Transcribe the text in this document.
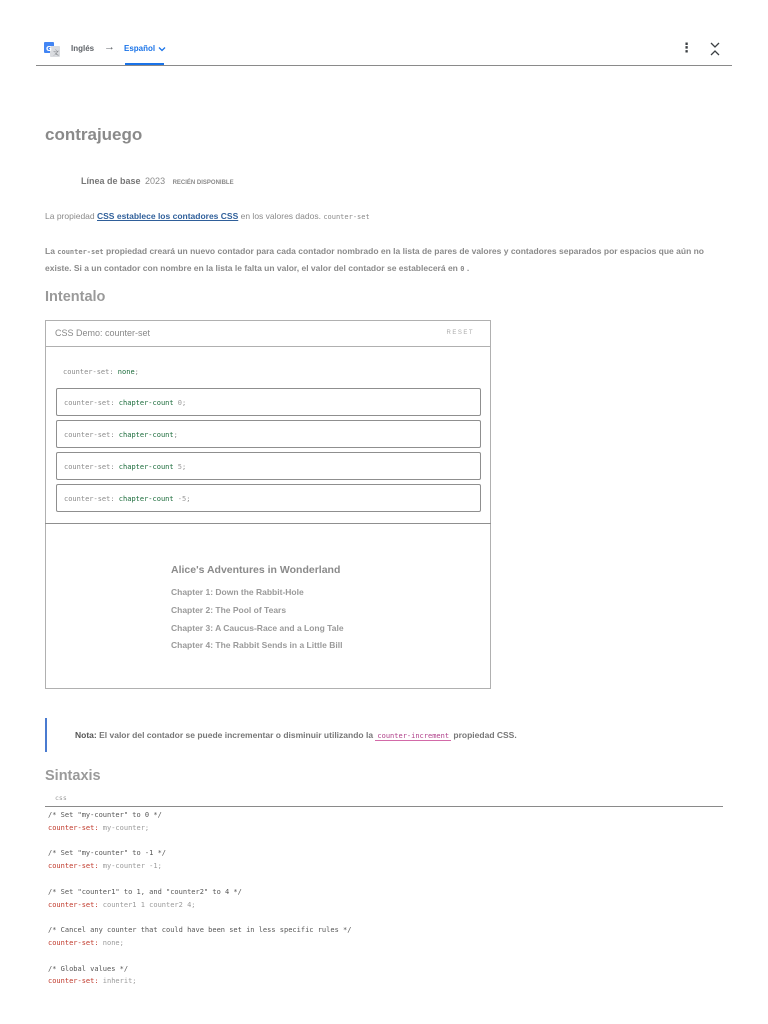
G
文
Inglés → Español	⋮
contrajuego
Línea de base 2023 RECIÉN DISPONIBLE

La propiedad CSS establece los contadores CSS en los valores dados. counter-set

La counter-set propiedad creará un nuevo contador para cada contador nombrado en la lista de pares de valores y contadores separados por espacios que aún no existe. Si a un contador con nombre en la lista le falta un valor, el valor del contador se establecerá en 0 .

Intentalo
CSS Demo: counter-set	RESET
counter-set: none;
counter-set: chapter-count 0;
counter-set: chapter-count;
counter-set: chapter-count 5;
counter-set: chapter-count -5;
Alice's Adventures in Wonderland
Chapter 1: Down the Rabbit-Hole
Chapter 2: The Pool of Tears
Chapter 3: A Caucus-Race and a Long Tale
Chapter 4: The Rabbit Sends in a Little Bill
Nota: El valor del contador se puede incrementar o disminuir utilizando la counter-increment propiedad CSS.
Sintaxis
css
/* Set "my-counter" to 0 */
counter-set: my-counter;

/* Set "my-counter" to -1 */
counter-set: my-counter -1;

/* Set "counter1" to 1, and "counter2" to 4 */
counter-set: counter1 1 counter2 4;

/* Cancel any counter that could have been set in less specific rules */
counter-set: none;

/* Global values */
counter-set: inherit;
